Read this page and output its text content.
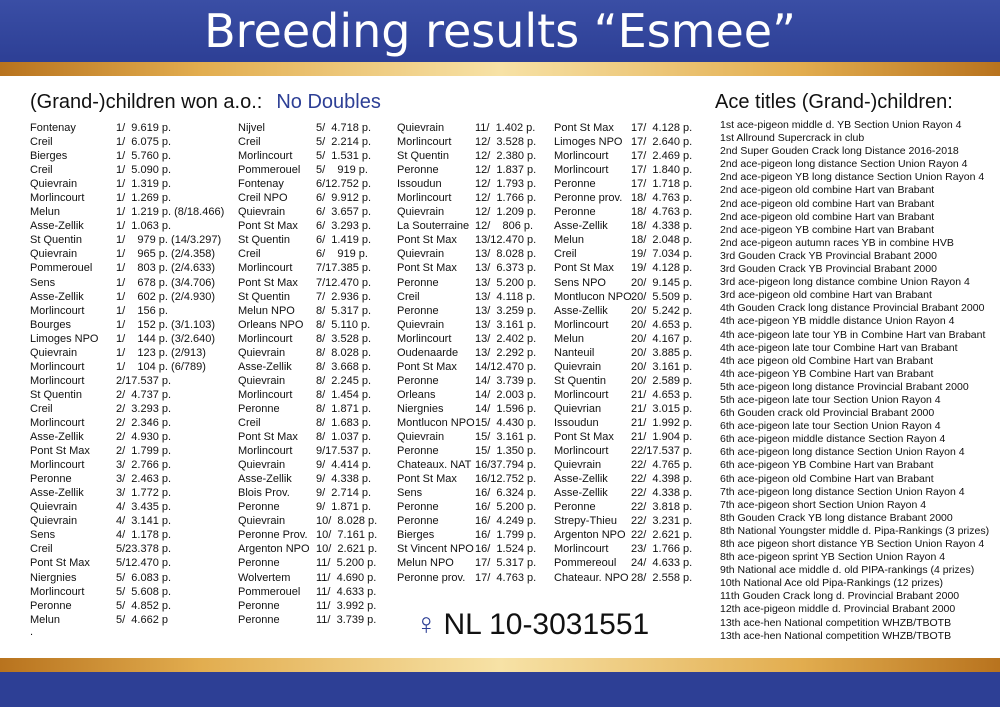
Breeding results “Esmee”
(Grand-)children won a.o.: No Doubles	Ace titles (Grand-)children:
Fontenay	1/  9.619 p.
Creil	1/  6.075 p.
Bierges	1/  5.760 p.
Creil	1/  5.090 p.
Quievrain	1/  1.319 p.
Morlincourt	1/  1.269 p.
Melun	1/  1.219 p. (8/18.466)
Asse-Zellik	1/  1.063 p.
St Quentin	1/    979 p. (14/3.297)
Quievrain	1/    965 p. (2/4.358)
Pommerouel 1/    803 p. (2/4.633)
Sens	1/    678 p. (3/4.706)
Asse-Zellik	1/    602 p. (2/4.930)
Morlincourt	1/    156 p.
Bourges	1/    152 p. (3/1.103)
Limoges NPO 1/    144 p. (3/2.640)
Quievrain	1/    123 p. (2/913)
Morlincourt	1/    104 p. (6/789)
Morlincourt	2/17.537 p.
St Quentin	2/  4.737 p.
Creil	2/  3.293 p.
Morlincourt	2/  2.346 p.
Asse-Zellik	2/  4.930 p.
Pont St Max 2/  1.799 p.
Morlincourt	3/  2.766 p.
Peronne	3/  2.463 p.
Asse-Zellik	3/  1.772 p.
Quievrain	4/  3.435 p.
Quievrain	4/  3.141 p.
Sens	4/  1.178 p.
Creil	5/23.378 p.
Pont St Max 5/12.470 p.
Niergnies	5/  6.083 p.
Morlincourt	5/  5.608 p.
Peronne	5/  4.852 p.
Melun	5/  4.662 p
Nijvel	5/  4.718 p.
Creil	5/  2.214 p.
Morlincourt 5/  1.531 p.
Pommerouel 5/    919 p.
Fontenay	6/12.752 p.
Creil NPO	6/  9.912 p.
Quievrain	6/  3.657 p.
Pont St Max 6/  3.293 p.
St Quentin 6/  1.419 p.
Creil	6/    919 p.
Morlincourt 7/17.385 p.
Pont St Max 7/12.470 p.
St Quentin 7/  2.936 p.
Melun NPO 8/  5.317 p.
Orleans NPO 8/  5.110 p.
Morlincourt 8/  3.528 p.
Quievrain	8/  8.028 p.
Asse-Zellik 8/  3.668 p.
Quievrain	8/  2.245 p.
Morlincourt 8/  1.454 p.
Peronne	8/  1.871 p.
Creil	8/  1.683 p.
Pont St Max 8/  1.037 p.
Morlincourt 9/17.537 p.
Quievrain	9/  4.414 p.
Asse-Zellik 9/  4.338 p.
Blois Prov. 9/  2.714 p.
Peronne	9/  1.871 p.
Quievrain	10/  8.028 p.
Peronne Prov. 10/  7.161 p.
Argenton NPO 10/  2.621 p.
Peronne	11/  5.200 p.
Wolvertem 11/  4.690 p.
Pommerouel 11/  4.633 p.
Peronne	11/  3.992 p.
Peronne	11/  3.739 p.
Quievrain	11/  1.402 p.
Morlincourt 12/  3.528 p.
St Quentin 12/  2.380 p.
Peronne	12/  1.837 p.
Issoudun	12/  1.793 p.
Morlincourt 12/  1.766 p.
Quievrain	12/  1.209 p.
La Souterraine 12/    806 p.
Pont St Max 13/12.470 p.
Quievrain	13/  8.028 p.
Pont St Max 13/  6.373 p.
Peronne	13/  5.200 p.
Creil	13/  4.118 p.
Peronne	13/  3.259 p.
Quievrain	13/  3.161 p.
Morlincourt 13/  2.402 p.
Oudenaarde 13/  2.292 p.
Pont St Max 14/12.470 p.
Peronne	14/  3.739 p.
Orleans	14/  2.003 p.
Niergnies	14/  1.596 p.
Montlucon NPO 15/  4.430 p.
Quievrain	15/  3.161 p.
Peronne	15/  1.350 p.
Chateaux. NAT 16/37.794 p.
Pont St Max 16/12.752 p.
Sens	16/  6.324 p.
Peronne	16/  5.200 p.
Peronne	16/  4.249 p.
Bierges	16/  1.799 p.
St Vincent NPO 16/  1.524 p.
Melun NPO 17/  5.317 p.
Peronne prov. 17/  4.763 p.
Pont St Max 17/  4.128 p.
Limoges NPO 17/  2.640 p.
Morlincourt 17/  2.469 p.
Morlincourt 17/  1.840 p.
Peronne	17/  1.718 p.
Peronne prov. 18/  4.763 p.
Peronne	18/  4.763 p.
Asse-Zellik 18/  4.338 p.
Melun	18/  2.048 p.
Creil	19/  7.034 p.
Pont St Max 19/  4.128 p.
Sens NPO 20/  9.145 p.
Montlucon NPO 20/  5.509 p.
Asse-Zellik 20/  5.242 p.
Morlincourt 20/  4.653 p.
Melun	20/  4.167 p.
Nanteuil	20/  3.885 p.
Quievrain	20/  3.161 p.
St Quentin 20/  2.589 p.
Morlincourt 21/  4.653 p.
Quievrian	21/  3.015 p.
Issoudun	21/  1.992 p.
Pont St Max 21/  1.904 p.
Morlincourt 22/17.537 p.
Quievrain	22/  4.765 p.
Asse-Zellik 22/  4.398 p.
Asse-Zellik 22/  4.338 p.
Peronne	22/  3.818 p.
Strepy-Thieu 22/  3.231 p.
Argenton NPO 22/  2.621 p.
Morlincourt 23/  1.766 p.
Pommereoul 24/  4.633 p.
Chateaur. NPO 28/  2.558 p.
.
1st ace-pigeon middle d. YB Section Union Rayon 4
1st Allround Supercrack in club
2nd Super Gouden Crack long Distance 2016-2018
2nd ace-pigeon long distance Section Union Rayon 4
2nd ace-pigeon YB long distance Section Union Rayon 4
2nd ace-pigeon old combine Hart van Brabant
2nd ace-pigeon old combine Hart van Brabant
2nd ace-pigeon old combine Hart van Brabant
2nd ace-pigeon YB combine Hart van Brabant
2nd ace-pigeon autumn races YB in combine HVB
3rd Gouden Crack YB Provincial Brabant 2000
3rd Gouden Crack YB Provincial Brabant 2000
3rd ace-pigeon long distance combine Union Rayon 4
3rd ace-pigeon old combine Hart van Brabant
4th Gouden Crack long distance Provincial Brabant 2000
4th ace-pigeon YB middle distance Union Rayon 4
4th ace-pigeon late tour YB in Combine Hart van Brabant
4th ace-pigeon late tour Combine Hart van Brabant
4th ace pigeon old Combine Hart van Brabant
4th ace-pigeon YB Combine Hart van Brabant
5th ace-pigeon long distance Provincial Brabant 2000
5th ace-pigeon late tour Section Union Rayon 4
6th Gouden crack old Provincial Brabant 2000
6th ace-pigeon late tour Section Union Rayon 4
6th ace-pigeon middle distance Section Rayon 4
6th ace-pigeon long distance Section Union Rayon 4
6th ace-pigeon YB Combine Hart van Brabant
6th ace-pigeon old Combine Hart van Brabant
7th ace-pigeon long distance Section Union Rayon 4
7th ace-pigeon short Section Union Rayon 4
8th Gouden Crack YB long distance Brabant 2000
8th National Youngster middle d. Pipa-Rankings (3 prizes)
8th ace pigeon short distance YB Section Union Rayon 4
8th ace-pigeon sprint YB Section Union Rayon 4
9th National ace middle d. old PIPA-rankings (4 prizes)
10th National Ace old Pipa-Rankings (12 prizes)
11th Gouden Crack long d. Provincial Brabant 2000
12th ace-pigeon middle d. Provincial Brabant 2000
13th ace-hen National competition WHZB/TBOTB
13th ace-hen National competition WHZB/TBOTB
♀ NL 10-3031551
